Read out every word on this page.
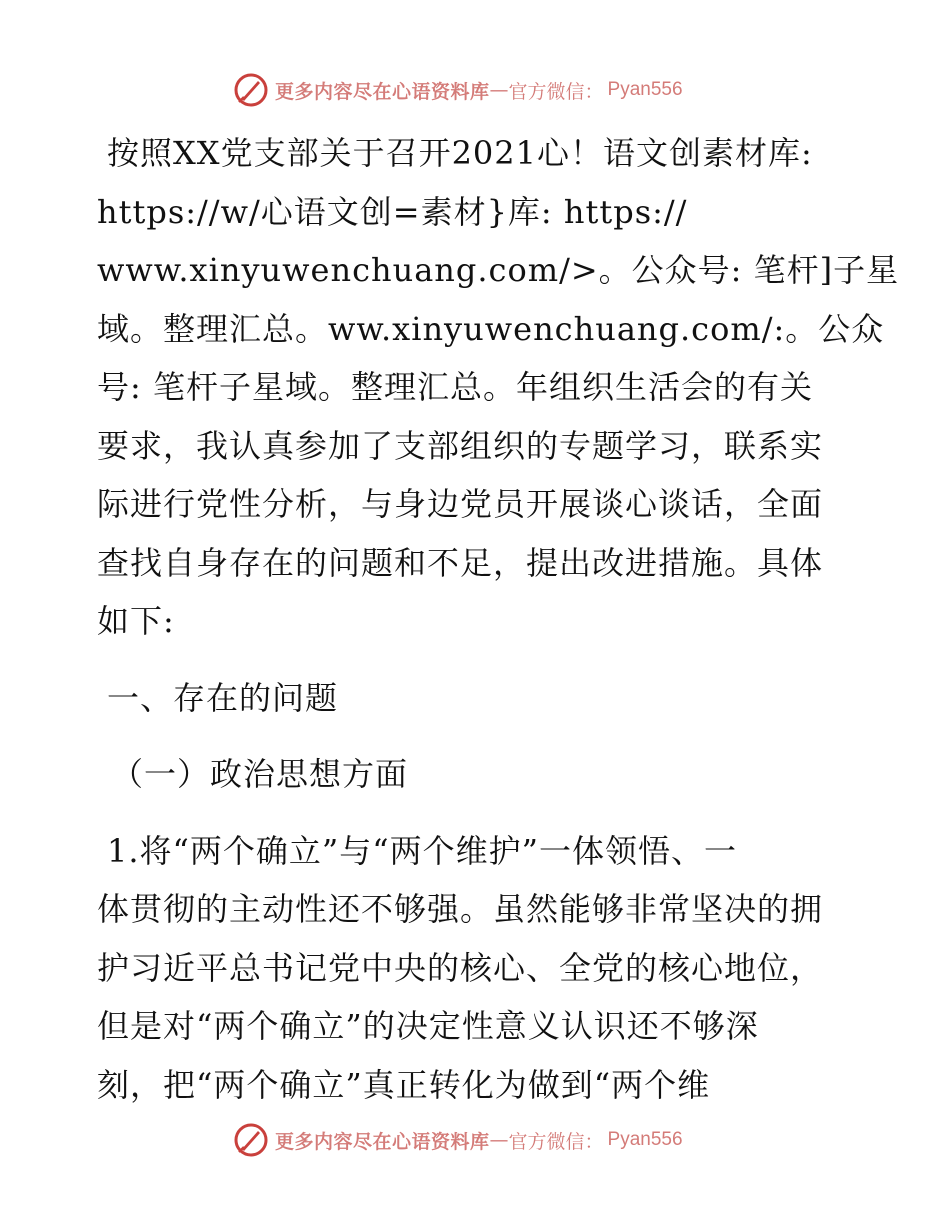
更多内容尽在心语资料库 — 官方微信 ： Pyan556
按照XX党支部关于召开2021心！语文创素材库:
https://w/心语文创=素材}库: https://
www.xinyuwenchuang.com/>。公众号: 笔杆]子星
域。整理汇总。ww.xinyuwenchuang.com/:。公众
号: 笔杆子星域。整理汇总。年组织生活会的有关
要求，我认真参加了支部组织的专题学习，联系实
际进行党性分析，与身边党员开展谈心谈话，全面
查找自身存在的问题和不足，提出改进措施。具体
如下:
一、存在的问题
（一）政治思想方面
1.将“两个确立”与“两个维护”一体领悟、一
体贯彻的主动性还不够强。虽然能够非常坚决的拥
护习近平总书记党中央的核心、全党的核心地位，
但是对“两个确立”的决定性意义认识还不够深
刻，把“两个确立”真正转化为做到“两个维
更多内容尽在心语资料库 — 官方微信 ： Pyan556
